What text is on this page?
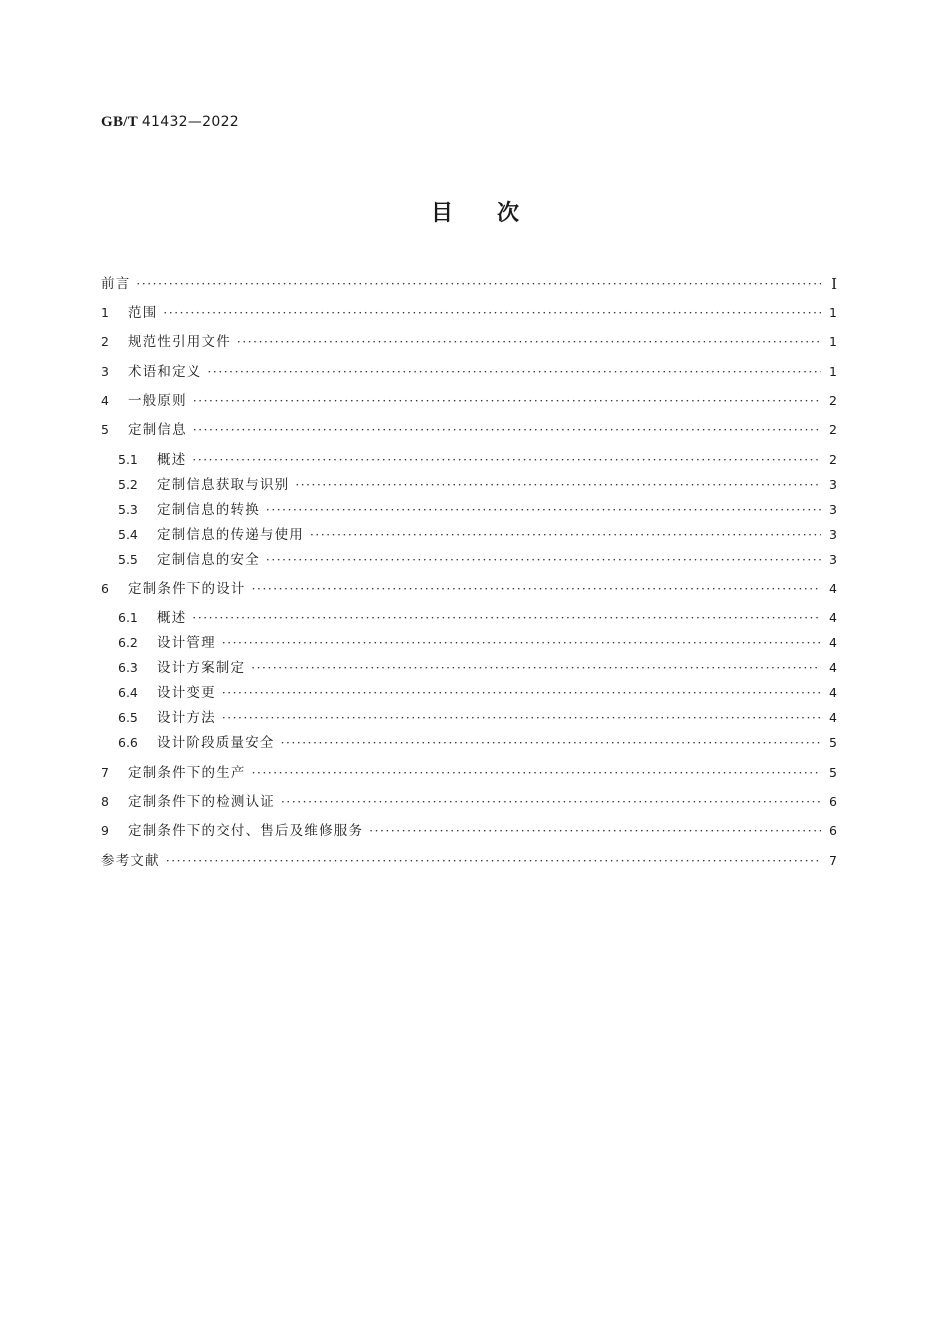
GB/T 41432—2022
目 次
前言 ·····	I
1	范围 ·····	1
2	规范性引用文件 ·····	1
3	术语和定义 ·····	1
4	一般原则 ·····	2
5	定制信息 ·····	2
5.1	概述 ·····	2
5.2	定制信息获取与识别 ·····	3
5.3	定制信息的转换 ·····	3
5.4	定制信息的传递与使用 ·····	3
5.5	定制信息的安全 ·····	3
6	定制条件下的设计 ·····	4
6.1	概述 ·····	4
6.2	设计管理 ·····	4
6.3	设计方案制定 ·····	4
6.4	设计变更 ·····	4
6.5	设计方法 ·····	4
6.6	设计阶段质量安全 ·····	5
7	定制条件下的生产 ·····	5
8	定制条件下的检测认证 ·····	6
9	定制条件下的交付、售后及维修服务 ·····	6
参考文献 ·····	7
